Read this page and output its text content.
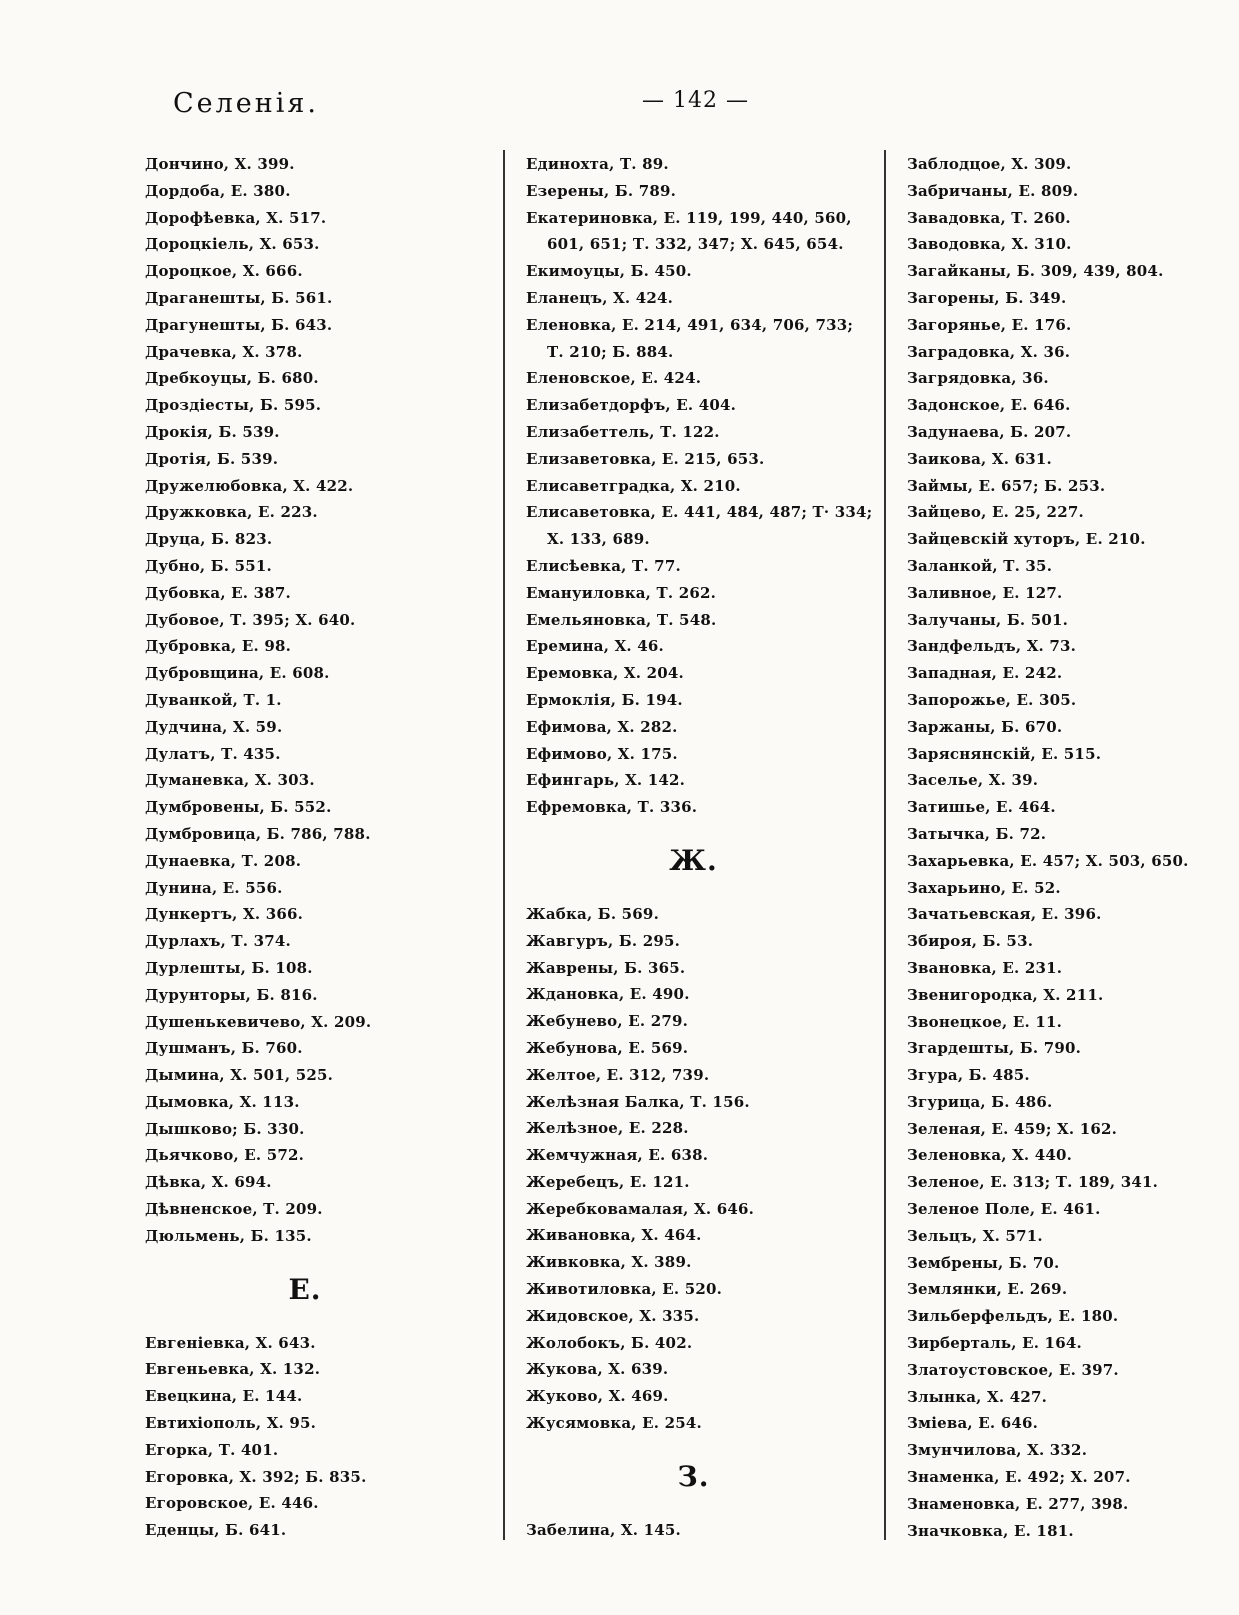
Селенія.	— 142 —
Дончино, Х. 399.
Дордоба, Е. 380.
Дорофѣевка, Х. 517.
Дороцкіель, Х. 653.
Дороцкое, Х. 666.
Драганешты, Б. 561.
Драгунешты, Б. 643.
Драчевка, Х. 378.
Дребкоуцы, Б. 680.
Дроздіесты, Б. 595.
Дрокія, Б. 539.
Дротія, Б. 539.
Дружелюбовка, Х. 422.
Дружковка, Е. 223.
Друца, Б. 823.
Дубно, Б. 551.
Дубовка, Е. 387.
Дубовое, Т. 395; Х. 640.
Дубровка, Е. 98.
Дубровщина, Е. 608.
Дуванкой, Т. 1.
Дудчина, Х. 59.
Дулатъ, Т. 435.
Думаневка, Х. 303.
Думбровены, Б. 552.
Думбровица, Б. 786, 788.
Дунаевка, Т. 208.
Дунина, Е. 556.
Дункертъ, Х. 366.
Дурлахъ, Т. 374.
Дурлешты, Б. 108.
Дурунторы, Б. 816.
Душенькевичево, Х. 209.
Душманъ, Б. 760.
Дымина, Х. 501, 525.
Дымовка, Х. 113.
Дышково; Б. 330.
Дьячково, Е. 572.
Дѣвка, Х. 694.
Дѣвненское, Т. 209.
Дюльмень, Б. 135.
Е.
Евгеніевка, Х. 643.
Евгеньевка, Х. 132.
Евецкина, Е. 144.
Евтихіополь, Х. 95.
Егорка, Т. 401.
Егоровка, Х. 392; Б. 835.
Егоровское, Е. 446.
Еденцы, Б. 641.
Единохта, Т. 89.
Езерены, Б. 789.
Екатериновка, Е. 119, 199, 440, 560,
601, 651; Т. 332, 347; Х. 645, 654.
Екимоуцы, Б. 450.
Еланецъ, Х. 424.
Еленовка, Е. 214, 491, 634, 706, 733;
Т. 210; Б. 884.
Еленовское, Е. 424.
Елизабетдорфъ, Е. 404.
Елизабеттель, Т. 122.
Елизаветовка, Е. 215, 653.
Елисаветградка, Х. 210.
Елисаветовка, Е. 441, 484, 487; Т· 334;
Х. 133, 689.
Елисѣевка, Т. 77.
Емануиловка, Т. 262.
Емельяновка, Т. 548.
Еремина, Х. 46.
Еремовка, Х. 204.
Ермоклія, Б. 194.
Ефимова, Х. 282.
Ефимово, Х. 175.
Ефингарь, Х. 142.
Ефремовка, Т. 336.
Ж.
Жабка, Б. 569.
Жавгуръ, Б. 295.
Жаврены, Б. 365.
Ждановка, Е. 490.
Жебунево, Е. 279.
Жебунова, Е. 569.
Желтое, Е. 312, 739.
Желѣзная Балка, Т. 156.
Желѣзное, Е. 228.
Жемчужная, Е. 638.
Жеребецъ, Е. 121.
Жеребковамалая, Х. 646.
Живановка, Х. 464.
Живковка, Х. 389.
Животиловка, Е. 520.
Жидовское, Х. 335.
Жолобокъ, Б. 402.
Жукова, Х. 639.
Жуково, Х. 469.
Жусямовка, Е. 254.
З.
Забелина, Х. 145.
Заблодцое, Х. 309.
Забричаны, Е. 809.
Завадовка, Т. 260.
Заводовка, Х. 310.
Загайканы, Б. 309, 439, 804.
Загорены, Б. 349.
Загорянье, Е. 176.
Заградовка, Х. 36.
Загрядовка, 36.
Задонское, Е. 646.
Задунаева, Б. 207.
Заикова, Х. 631.
Займы, Е. 657; Б. 253.
Зайцево, Е. 25, 227.
Зайцевскій хуторъ, Е. 210.
Заланкой, Т. 35.
Заливное, Е. 127.
Залучаны, Б. 501.
Зандфельдъ, Х. 73.
Западная, Е. 242.
Запорожье, Е. 305.
Заржаны, Б. 670.
Заряснянскій, Е. 515.
Заселье, Х. 39.
Затишье, Е. 464.
Затычка, Б. 72.
Захарьевка, Е. 457; Х. 503, 650.
Захарьино, Е. 52.
Зачатьевская, Е. 396.
Збироя, Б. 53.
Звановка, Е. 231.
Звенигородка, Х. 211.
Звонецкое, Е. 11.
Згардешты, Б. 790.
Згура, Б. 485.
Згурица, Б. 486.
Зеленая, Е. 459; Х. 162.
Зеленовка, Х. 440.
Зеленое, Е. 313; Т. 189, 341.
Зеленое Поле, Е. 461.
Зельцъ, Х. 571.
Зембрены, Б. 70.
Землянки, Е. 269.
Зильберфельдъ, Е. 180.
Зирберталь, Е. 164.
Златоустовское, Е. 397.
Злынка, Х. 427.
Зміева, Е. 646.
Змунчилова, Х. 332.
Знаменка, Е. 492; Х. 207.
Знаменовка, Е. 277, 398.
Значковка, Е. 181.
